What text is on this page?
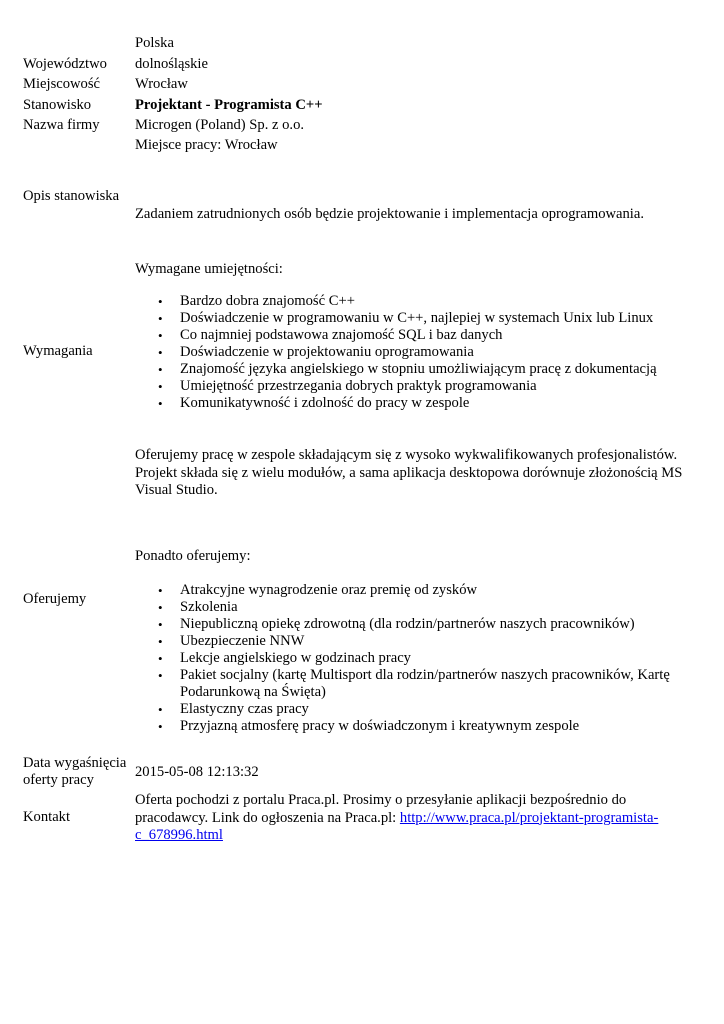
Polska
Województwo dolnośląskie
Miejscowość Wrocław
Stanowisko	Projektant - Programista C++
Nazwa firmy Microgen (Poland) Sp. z o.o.
Miejsce pracy: Wrocław
Opis stanowiska
Zadaniem zatrudnionych osób będzie projektowanie i implementacja oprogramowania.
Wymagane umiejętności:
• Bardzo dobra znajomość C++
• Doświadczenie w programowaniu w C++, najlepiej w systemach Unix lub Linux
• Co najmniej podstawowa znajomość SQL i baz danych
• Doświadczenie w projektowaniu oprogramowania
• Znajomość języka angielskiego w stopniu umożliwiającym pracę z dokumentacją
• Umiejętność przestrzegania dobrych praktyk programowania
• Komunikatywność i zdolność do pracy w zespole
Wymagania
Oferujemy pracę w zespole składającym się z wysoko wykwalifikowanych profesjonalistów. Projekt składa się z wielu modułów, a sama aplikacja desktopowa dorównuje złożonością MS Visual Studio.
Ponadto oferujemy:
• Atrakcyjne wynagrodzenie oraz premię od zysków
• Szkolenia
• Niepubliczną opiekę zdrowotną (dla rodzin/partnerów naszych pracowników)
• Ubezpieczenie NNW
• Lekcje angielskiego w godzinach pracy
• Pakiet socjalny (kartę Multisport dla rodzin/partnerów naszych pracowników, Kartę Podarunkową na Święta)
• Elastyczny czas pracy
• Przyjazną atmosferę pracy w doświadczonym i kreatywnym zespole
Oferujemy
Data wygaśnięcia
oferty pracy	2015-05-08 12:13:32
Kontakt
Oferta pochodzi z portalu Praca.pl. Prosimy o przesyłanie aplikacji bezpośrednio do pracodawcy. Link do ogłoszenia na Praca.pl: http://www.praca.pl/projektant-programista-c_678996.html
